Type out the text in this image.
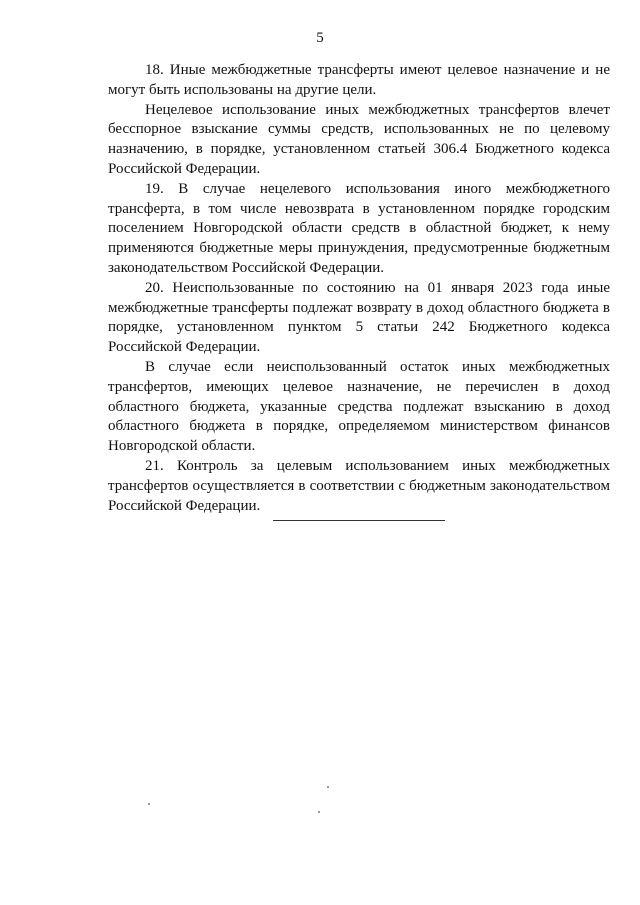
5

18. Иные межбюджетные трансферты имеют целевое назначение и не могут быть использованы на другие цели.

Нецелевое использование иных межбюджетных трансфертов влечет бесспорное взыскание суммы средств, использованных не по целевому назначению, в порядке, установленном статьей 306.4 Бюджетного кодекса Российской Федерации.

19. В случае нецелевого использования иного межбюджетного трансферта, в том числе невозврата в установленном порядке городским поселением Новгородской области средств в областной бюджет, к нему применяются бюджетные меры принуждения, предусмотренные бюджетным законодательством Российской Федерации.

20. Неиспользованные по состоянию на 01 января 2023 года иные межбюджетные трансферты подлежат возврату в доход областного бюджета в порядке, установленном пунктом 5 статьи 242 Бюджетного кодекса Российской Федерации.

В случае если неиспользованный остаток иных межбюджетных трансфертов, имеющих целевое назначение, не перечислен в доход областного бюджета, указанные средства подлежат взысканию в доход областного бюджета в порядке, определяемом министерством финансов Новгородской области.

21. Контроль за целевым использованием иных межбюджетных трансфертов осуществляется в соответствии с бюджетным законодательством Российской Федерации.
